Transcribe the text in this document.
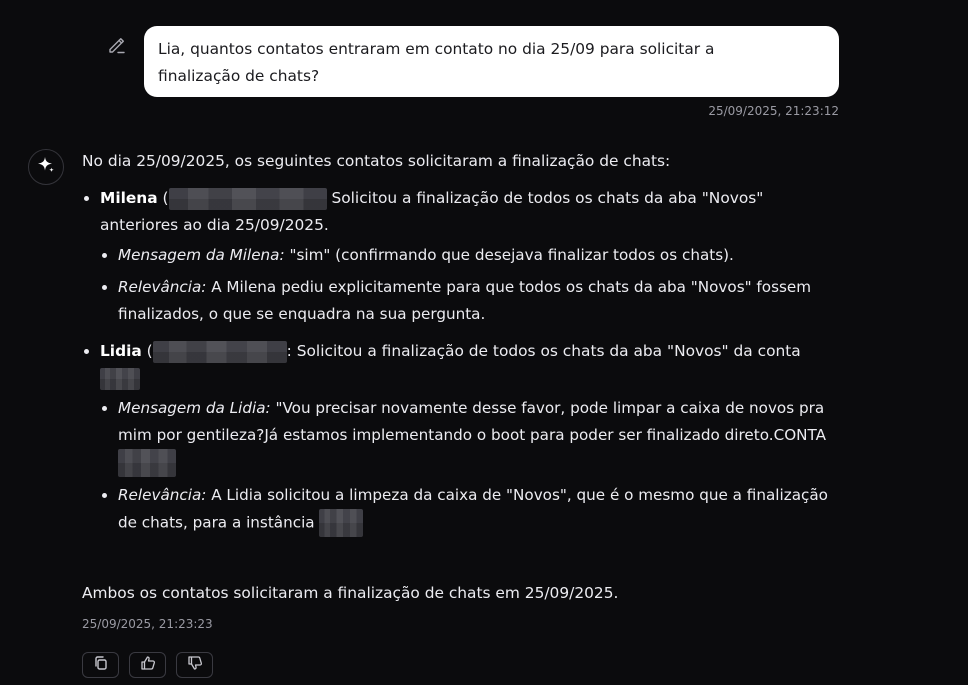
Lia, quantos contatos entraram em contato no dia 25/09 para solicitar a
finalização de chats?
25/09/2025, 21:23:12

No dia 25/09/2025, os seguintes contatos solicitaram a finalização de chats:

• Milena (	Solicitou a finalização de todos os chats da aba "Novos" anteriores ao dia 25/09/2025.
• Mensagem da Milena: "sim" (confirmando que desejava finalizar todos os chats).
• Relevância: A Milena pediu explicitamente para que todos os chats da aba "Novos" fossem finalizados, o que se enquadra na sua pergunta.
• Lidia (	: Solicitou a finalização de todos os chats da aba "Novos" da conta

• Mensagem da Lidia: "Vou precisar novamente desse favor, pode limpar a caixa de novos pra mim por gentileza?Já estamos implementando o boot para poder ser finalizado direto.CONTA
• Relevância: A Lidia solicitou a limpeza da caixa de "Novos", que é o mesmo que a finalização de chats, para a instância
Ambos os contatos solicitaram a finalização de chats em 25/09/2025.
25/09/2025, 21:23:23
